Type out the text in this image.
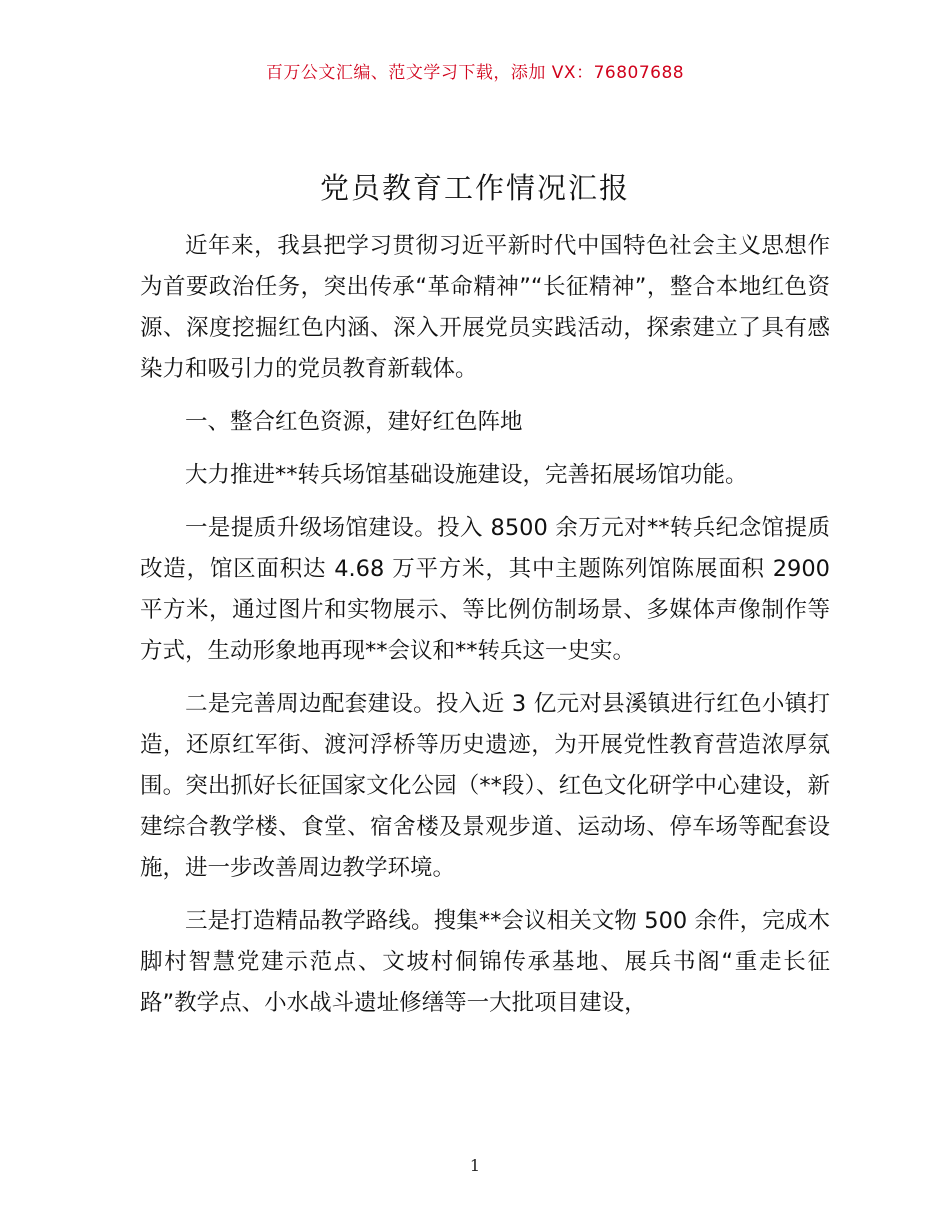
百万公文汇编、范文学习下载，添加 VX：76807688
党员教育工作情况汇报

近年来，我县把学习贯彻习近平新时代中国特色社会主义思想作为首要政治任务，突出传承“革命精神”“长征精神”，整合本地红色资源、深度挖掘红色内涵、深入开展党员实践活动，探索建立了具有感染力和吸引力的党员教育新载体。

一、整合红色资源，建好红色阵地

大力推进**转兵场馆基础设施建设，完善拓展场馆功能。

一是提质升级场馆建设。投入 8500 余万元对**转兵纪念馆提质改造，馆区面积达 4.68 万平方米，其中主题陈列馆陈展面积 2900 平方米，通过图片和实物展示、等比例仿制场景、多媒体声像制作等方式，生动形象地再现**会议和**转兵这一史实。

二是完善周边配套建设。投入近 3 亿元对县溪镇进行红色小镇打造，还原红军街、渡河浮桥等历史遗迹，为开展党性教育营造浓厚氛围。突出抓好长征国家文化公园（**段）、红色文化研学中心建设，新建综合教学楼、食堂、宿舍楼及景观步道、运动场、停车场等配套设施，进一步改善周边教学环境。

三是打造精品教学路线。搜集**会议相关文物 500 余件，完成木脚村智慧党建示范点、文坡村侗锦传承基地、展兵书阁“重走长征路”教学点、小水战斗遗址修缮等一大批项目建设，

1
